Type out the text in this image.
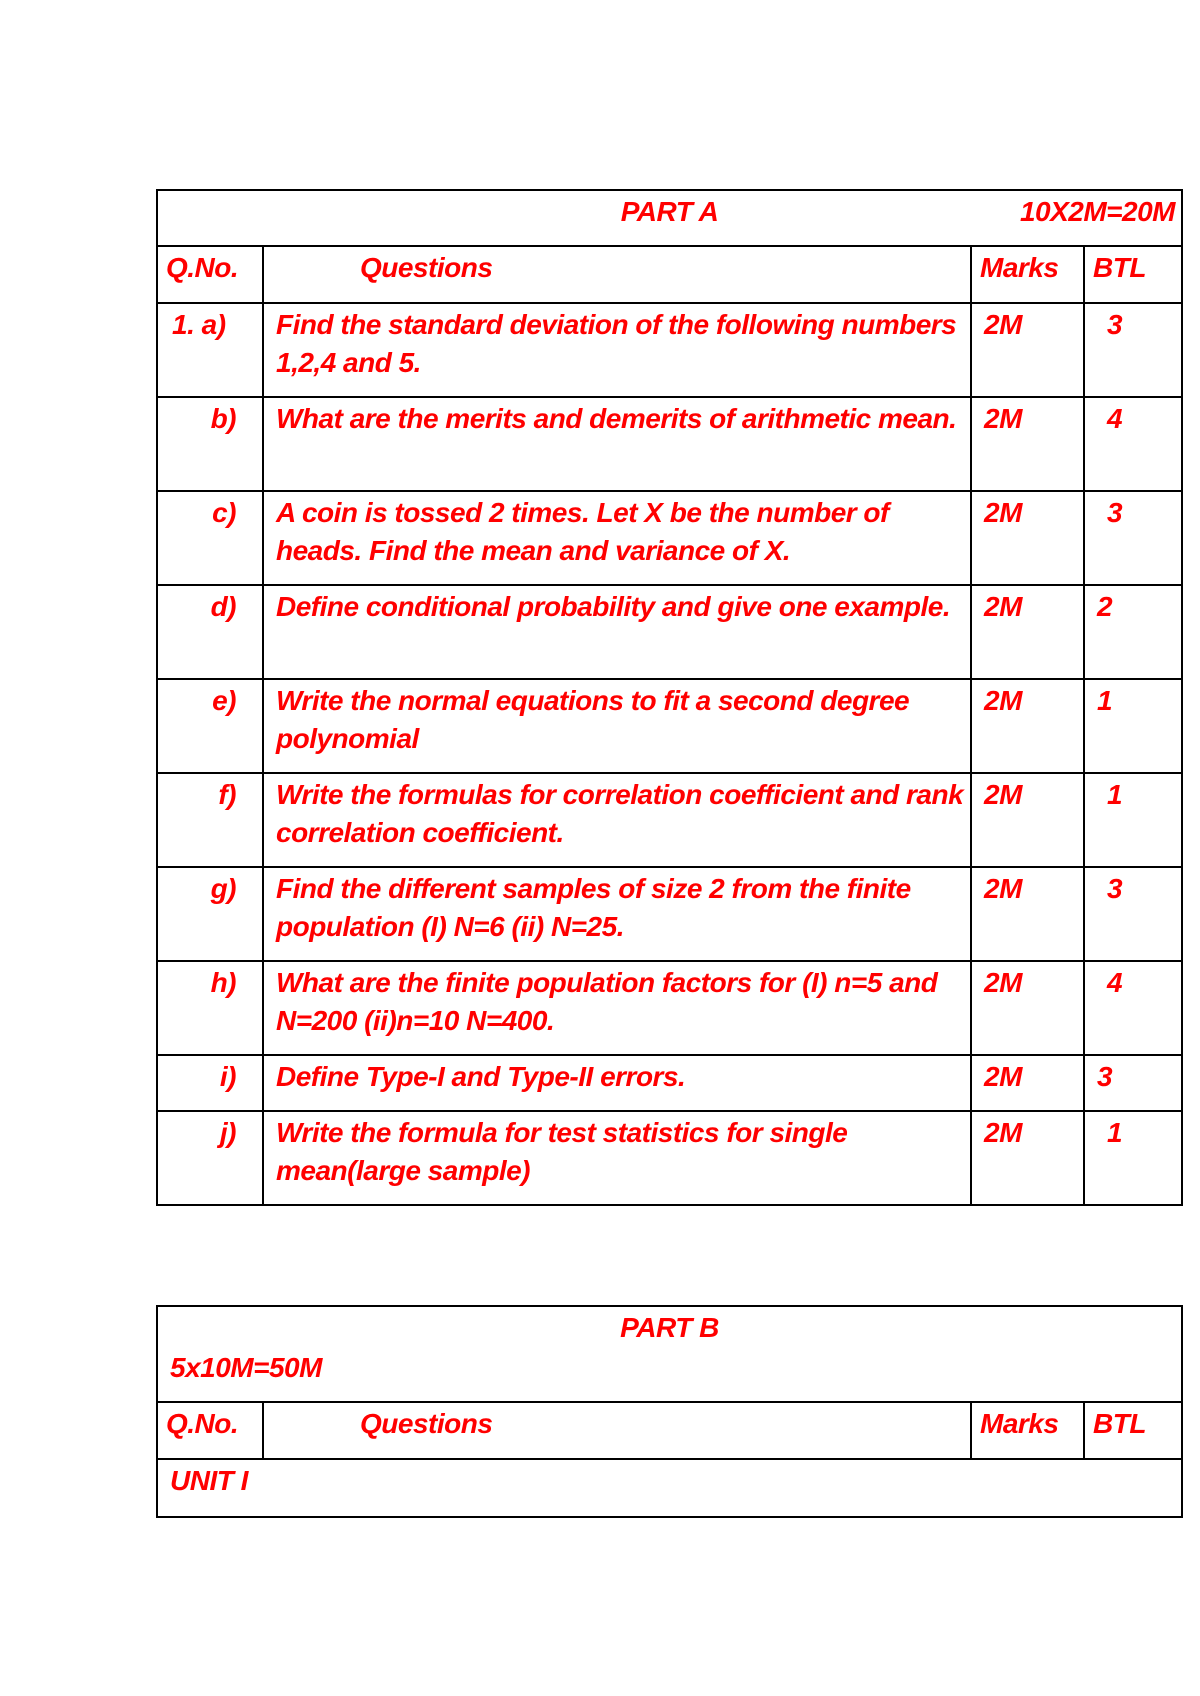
PART A 10X2M=20M			

Q.No.	Questions	Marks	BTL
1. a)	Find the standard deviation of the following numbers 1,2,4 and 5.	2M	3
b)	What are the merits and demerits of arithmetic mean.	2M	4
c)	A coin is tossed 2 times. Let X be the number of heads. Find the mean and variance of X.	2M	3
d)	Define conditional probability and give one example.	2M	2
e)	Write the normal equations to fit a second degree polynomial	2M	1
f)	Write the formulas for correlation coefficient and rank correlation coefficient.	2M	1
g)	Find the different samples of size 2 from the finite population (I) N=6 (ii) N=25.	2M	3
h)	What are the finite population factors for (I) n=5 and N=200 (ii)n=10 N=400.	2M	4
i)	Define Type-I and Type-II errors.	2M	3
j)	Write the formula for test statistics for single mean(large sample)	2M	1
PART B
5x10M=50M

Q.No.	Questions	Marks	BTL
UNIT I
